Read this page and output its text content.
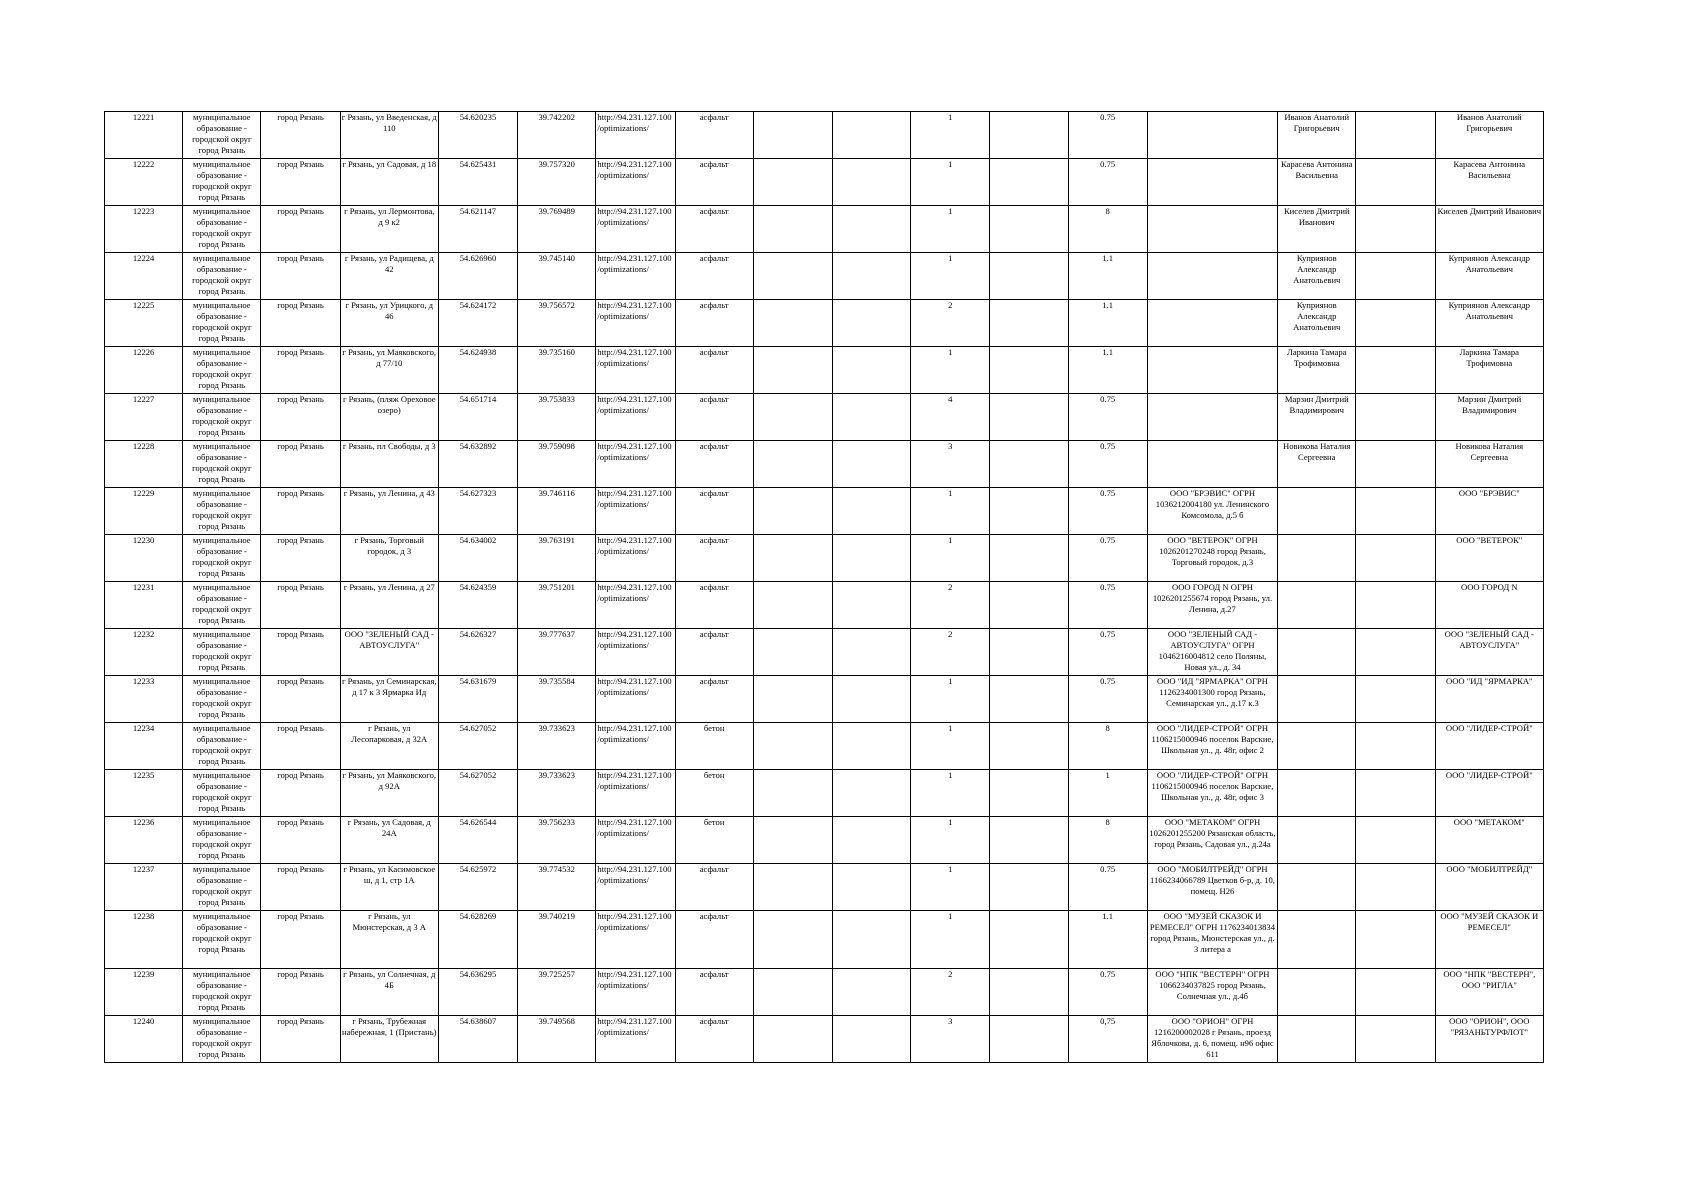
12221	муниципальное образование - городской округ город Рязань	город Рязань	г Рязань, ул Введенская, д 110	54.620235	39.742202	http://94.231.127.100/optimizations/	асфальт			1		0.75		Иванов Анатолий Григорьевич		Иванов Анатолий Григорьевич
12222	муниципальное образование - городской округ город Рязань	город Рязань	г Рязань, ул Садовая, д 18	54.625431	39.757320	http://94.231.127.100/optimizations/	асфальт			1		0.75		Карасева Антонина Васильевна		Карасева Антонина Васильевна
12223	муниципальное образование - городской округ город Рязань	город Рязань	г Рязань, ул Лермонтова, д 9 к2	54.621147	39.769489	http://94.231.127.100/optimizations/	асфальт			1		8		Киселев Дмитрий Иванович		Киселев Дмитрий Иванович
12224	муниципальное образование - городской округ город Рязань	город Рязань	г Рязань, ул Радищева, д 42	54.626960	39.745140	http://94.231.127.100/optimizations/	асфальт			1		1.1		Куприянов Александр Анатольевич		Куприянов Александр Анатольевич
12225	муниципальное образование - городской округ город Рязань	город Рязань	г Рязань, ул Урицкого, д 46	54.624172	39.756572	http://94.231.127.100/optimizations/	асфальт			2		1.1		Куприянов Александр Анатольевич		Куприянов Александр Анатольевич
12226	муниципальное образование - городской округ город Рязань	город Рязань	г Рязань, ул Маяковского, д 77/10	54.624938	39.735160	http://94.231.127.100/optimizations/	асфальт			1		1.1		Ларкина Тамара Трофимовна		Ларкина Тамара Трофимовна
12227	муниципальное образование - городской округ город Рязань	город Рязань	г Рязань, (пляж Ореховое озеро)	54.651714	39.753833	http://94.231.127.100/optimizations/	асфальт			4		0.75		Марзин Дмитрий Владимирович		Марзин Дмитрий Владимирович
12228	муниципальное образование - городской округ город Рязань	город Рязань	г Рязань, пл Свободы, д 3	54.632892	39.759098	http://94.231.127.100/optimizations/	асфальт			3		0.75		Новикова Наталия Сергеевна		Новикова Наталия Сергеевна
12229	муниципальное образование - городской округ город Рязань	город Рязань	г Рязань, ул Ленина, д 43	54.627323	39.746116	http://94.231.127.100/optimizations/	асфальт			1		0.75	ООО "БРЭВИС" ОГРН 1036212004180 ул. Ленинского Комсомола, д.5 б			ООО "БРЭВИС"
12230	муниципальное образование - городской округ город Рязань	город Рязань	г Рязань, Торговый городок, д 3	54.634002	39.763191	http://94.231.127.100/optimizations/	асфальт			1		0.75	ООО "ВЕТЕРОК" ОГРН 1026201270248 город Рязань, Торговый городок, д.3			ООО "ВЕТЕРОК"
12231	муниципальное образование - городской округ город Рязань	город Рязань	г Рязань, ул Ленина, д 27	54.624359	39.751201	http://94.231.127.100/optimizations/	асфальт			2		0.75	ООО ГОРОД N ОГРН 1026201255674 город Рязань, ул. Ленина, д.27			ООО ГОРОД N
12232	муниципальное образование - городской округ город Рязань	город Рязань	ООО "ЗЕЛЕНЫЙ САД - АВТОУСЛУГА"	54.626327	39.777637	http://94.231.127.100/optimizations/	асфальт			2		0.75	ООО "ЗЕЛЕНЫЙ САД - АВТОУСЛУГА" ОГРН 1046216004812 село Поляны, Новая ул., д. 34			ООО "ЗЕЛЕНЫЙ САД - АВТОУСЛУГА"
12233	муниципальное образование - городской округ город Рязань	город Рязань	г Рязань, ул Семинарская, д 17 к 3 Ярмарка Ид	54.631679	39.735584	http://94.231.127.100/optimizations/	асфальт			1		0.75	ООО "ИД "ЯРМАРКА" ОГРН 1126234001300 город Рязань, Семинарская ул., д.17 к.3			ООО "ИД "ЯРМАРКА"
12234	муниципальное образование - городской округ город Рязань	город Рязань	г Рязань, ул Лесопарковая, д 32А	54.627052	39.733623	http://94.231.127.100/optimizations/	бетон			1		8	ООО "ЛИДЕР-СТРОЙ" ОГРН 1106215000946 поселок Варские, Школьная ул., д. 48г, офис 2			ООО "ЛИДЕР-СТРОЙ"
12235	муниципальное образование - городской округ город Рязань	город Рязань	г Рязань, ул Маяковского, д 92А	54.627052	39.733623	http://94.231.127.100/optimizations/	бетон			1		1	ООО "ЛИДЕР-СТРОЙ" ОГРН 1106215000946 поселок Варские, Школьная ул., д. 48г, офис 3			ООО "ЛИДЕР-СТРОЙ"
12236	муниципальное образование - городской округ город Рязань	город Рязань	г Рязань, ул Садовая, д 24А	54.626544	39.756233	http://94.231.127.100/optimizations/	бетон			1		8	ООО "МЕТАКОМ" ОГРН 1026201255200 Рязанская область, город Рязань, Садовая ул., д.24а			ООО "МЕТАКОМ"
12237	муниципальное образование - городской округ город Рязань	город Рязань	г Рязань, ул Касимовское ш, д 1, стр 1А	54.625972	39.774532	http://94.231.127.100/optimizations/	асфальт			1		0.75	ООО "МОБИЛТРЕЙД" ОГРН 1166234066789 Цветков б-р, д. 10, помещ. Н26			ООО "МОБИЛТРЕЙД"
12238	муниципальное образование - городской округ город Рязань	город Рязань	г Рязань, ул Мюнстерская, д 3 А	54.628269	39.740219	http://94.231.127.100/optimizations/	асфальт			1		1.1	ООО "МУЗЕЙ СКАЗОК И РЕМЕСЕЛ" ОГРН 1176234013834 город Рязань, Мюнстерская ул., д. 3 литера а			ООО "МУЗЕЙ СКАЗОК И РЕМЕСЕЛ"
12239	муниципальное образование - городской округ город Рязань	город Рязань	г Рязань, ул Солнечная, д 4Б	54.636295	39.725257	http://94.231.127.100/optimizations/	асфальт			2		0.75	ООО "НПК "ВЕСТЕРН" ОГРН 1066234037825 город Рязань, Солнечная ул., д.4б			ООО "НПК "ВЕСТЕРН", ООО "РИГЛА"
12240	муниципальное образование - городской округ город Рязань	город Рязань	г Рязань, Трубежная набережная, 1 (Пристань)	54.638607	39.749568	http://94.231.127.100/optimizations/	асфальт			3		0,75	ООО "ОРИОН" ОГРН 1216200002028 г Рязань, проезд Яблочкова, д. 6, помещ. н96 офис 611			ООО "ОРИОН", ООО "РЯЗАНЬТУРФЛОТ"
